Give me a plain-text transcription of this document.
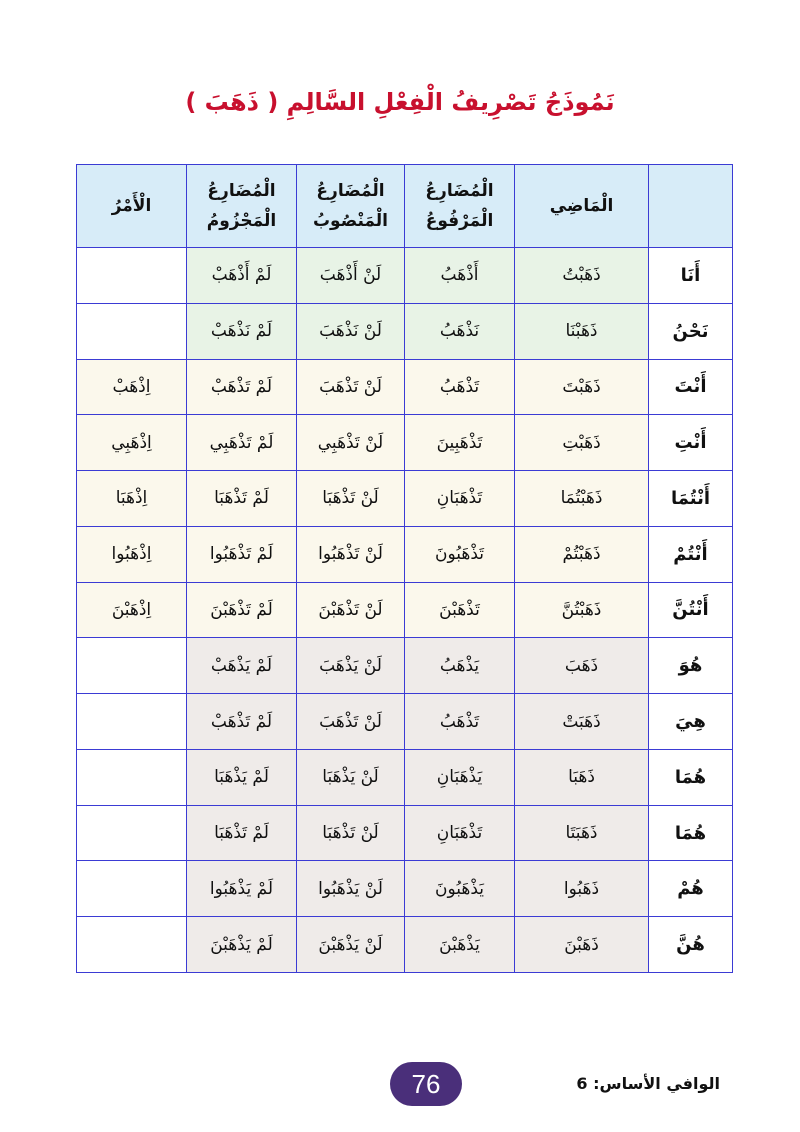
نَمُوذَجُ تَصْرِيفُ الْفِعْلِ السَّالِمِ ( ذَهَبَ )
	الْمَاضِي	الْمُضَارِعُ الْمَرْفُوعُ	الْمُضَارِعُ الْمَنْصُوبُ	الْمُضَارِعُ الْمَجْزُومُ	الْأَمْرُ
أَنَا	ذَهَبْتُ	أَذْهَبُ	لَنْ أَذْهَبَ	لَمْ أَذْهَبْ	
نَحْنُ	ذَهَبْنَا	نَذْهَبُ	لَنْ نَذْهَبَ	لَمْ نَذْهَبْ	
أَنْتَ	ذَهَبْتَ	تَذْهَبُ	لَنْ تَذْهَبَ	لَمْ تَذْهَبْ	اِذْهَبْ
أَنْتِ	ذَهَبْتِ	تَذْهَبِينَ	لَنْ تَذْهَبِي	لَمْ تَذْهَبِي	اِذْهَبِي
أَنْتُمَا	ذَهَبْتُمَا	تَذْهَبَانِ	لَنْ تَذْهَبَا	لَمْ تَذْهَبَا	اِذْهَبَا
أَنْتُمْ	ذَهَبْتُمْ	تَذْهَبُونَ	لَنْ تَذْهَبُوا	لَمْ تَذْهَبُوا	اِذْهَبُوا
أَنْتُنَّ	ذَهَبْتُنَّ	تَذْهَبْنَ	لَنْ تَذْهَبْنَ	لَمْ تَذْهَبْنَ	اِذْهَبْنَ
هُوَ	ذَهَبَ	يَذْهَبُ	لَنْ يَذْهَبَ	لَمْ يَذْهَبْ	
هِيَ	ذَهَبَتْ	تَذْهَبُ	لَنْ تَذْهَبَ	لَمْ تَذْهَبْ	
هُمَا	ذَهَبَا	يَذْهَبَانِ	لَنْ يَذْهَبَا	لَمْ يَذْهَبَا	
هُمَا	ذَهَبَتَا	تَذْهَبَانِ	لَنْ تَذْهَبَا	لَمْ تَذْهَبَا	
هُمْ	ذَهَبُوا	يَذْهَبُونَ	لَنْ يَذْهَبُوا	لَمْ يَذْهَبُوا	
هُنَّ	ذَهَبْنَ	يَذْهَبْنَ	لَنْ يَذْهَبْنَ	لَمْ يَذْهَبْنَ	
76	الوافي الأساس: 6
